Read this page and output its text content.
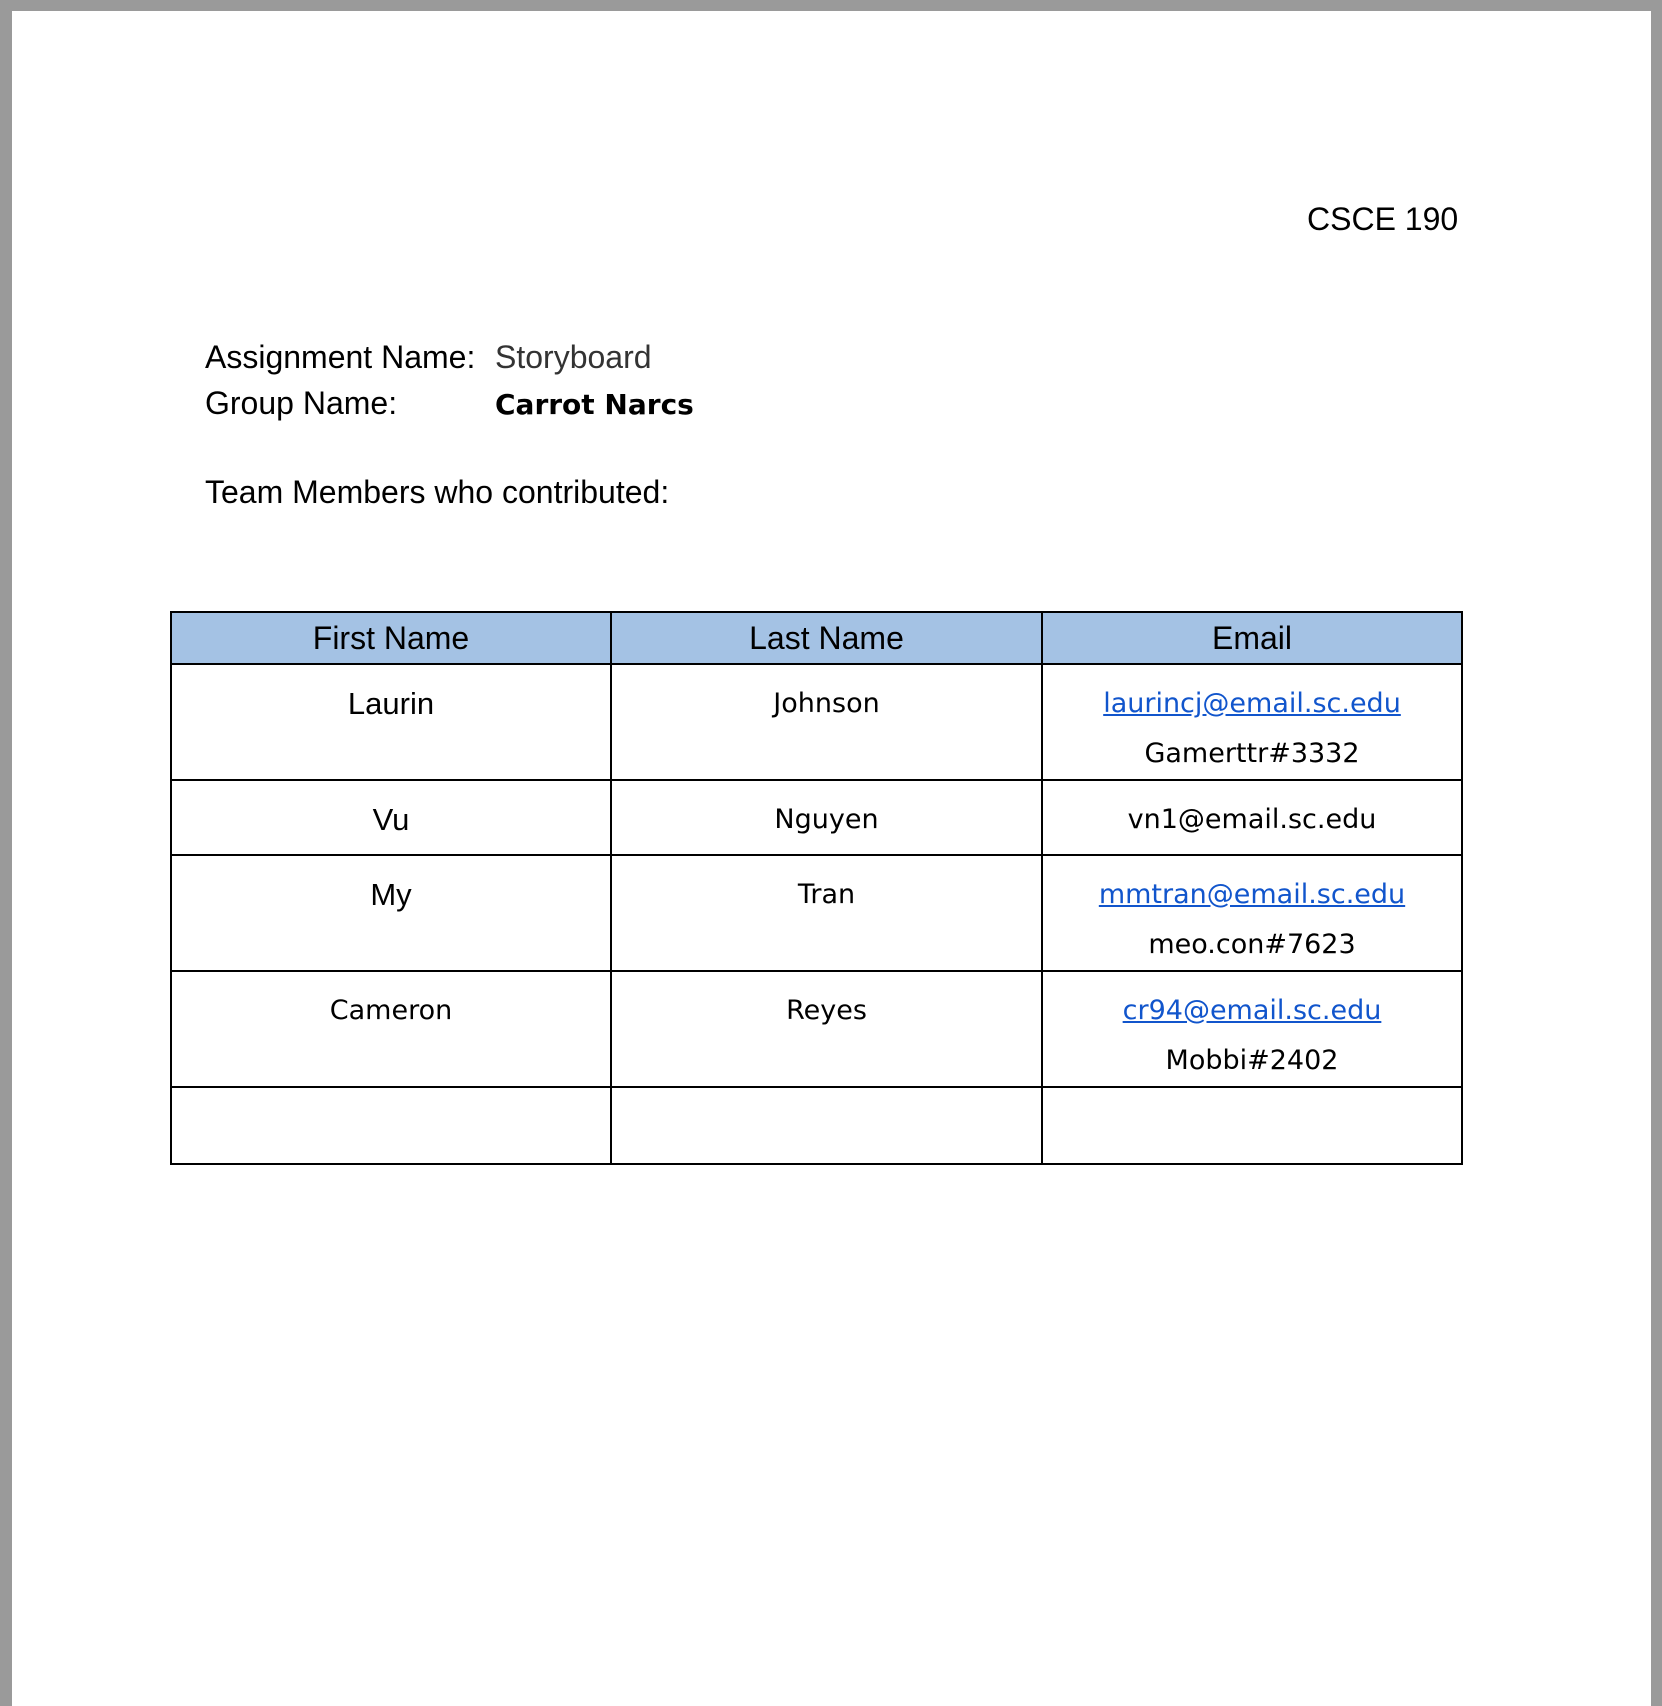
CSCE 190
Assignment Name: Storyboard
Group Name:	Carrot Narcs
Team Members who contributed:
First Name	Last Name	Email

Laurin	Johnson	laurincj@email.sc.edu
Gamerttr#3332

Vu	Nguyen	vn1@email.sc.edu

My	Tran	mmtran@email.sc.edu
meo.con#7623

Cameron	Reyes	cr94@email.sc.edu
Mobbi#2402
